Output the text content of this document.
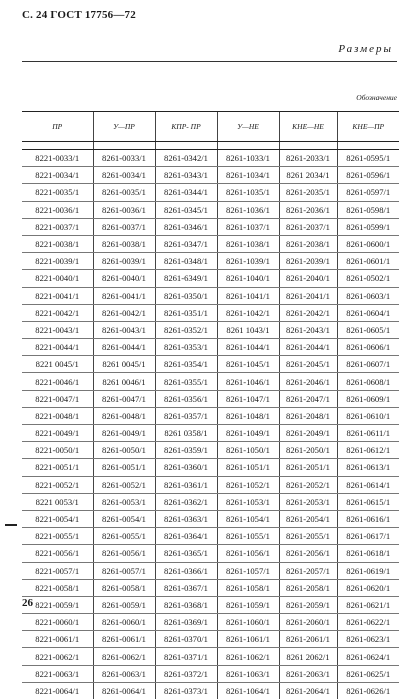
С. 24 ГОСТ 17756—72
Размеры
Обозначение
ПР	У—ПР	КПР- ПР	У—НЕ	КНЕ—НЕ	КНЕ—ПР

8221-0033/1	8261-0033/1	8261-0342/1	8261-1033/1	8261-2033/1	8261-0595/1
8221-0034/1	8261-0034/1	8261-0343/1	8261-1034/1	8261 2034/1	8261-0596/1
8221-0035/1	8261-0035/1	8261-0344/1	8261-1035/1	8261-2035/1	8261-0597/1
8221-0036/1	8261-0036/1	8261-0345/1	8261-1036/1	8261-2036/1	8261-0598/1
8221-0037/1	8261-0037/1	8261-0346/1	8261-1037/1	8261-2037/1	8261-0599/1
8221-0038/1	8261-0038/1	8261-0347/1	8261-1038/1	8261-2038/1	8261-0600/1
8221-0039/1	8261-0039/1	8261-0348/1	8261-1039/1	8261-2039/1	8261-0601/1
8221-0040/1	8261-0040/1	8261-6349/1	8261-1040/1	8261-2040/1	8261-0502/1
8221-0041/1	8261-0041/1	8261-0350/1	8261-1041/1	8261-2041/1	8261-0603/1
8221-0042/1	8261-0042/1	8261-0351/1	8261-1042/1	8261-2042/1	8261-0604/1
8221-0043/1	8261-0043/1	8261-0352/1	8261 1043/1	8261-2043/1	8261-0605/1
8221-0044/1	8261-0044/1	8261-0353/1	8261-1044/1	8261-2044/1	8261-0606/1
8221 0045/1	8261 0045/1	8261-0354/1	8261-1045/1	8261-2045/1	8261-0607/1
8221-0046/1	8261 0046/1	8261-0355/1	8261-1046/1	8261-2046/1	8261-0608/1
8221-0047/1	8261-0047/1	8261-0356/1	8261-1047/1	8261-2047/1	8261-0609/1
8221-0048/1	8261-0048/1	8261-0357/1	8261-1048/1	8261-2048/1	8261-0610/1
8221-0049/1	8261-0049/1	8261 0358/1	8261-1049/1	8261-2049/1	8261-0611/1
8221-0050/1	8261-0050/1	8261-0359/1	8261-1050/1	8261-2050/1	8261-0612/1
8221-0051/1	8261-0051/1	8261-0360/1	8261-1051/1	8261-2051/1	8261-0613/1
8221-0052/1	8261-0052/1	8261-0361/1	8261-1052/1	8261-2052/1	8261-0614/1
8221 0053/1	8261-0053/1	8261-0362/1	8261-1053/1	8261-2053/1	8261-0615/1
8221-0054/1	8261-0054/1	8261-0363/1	8261-1054/1	8261-2054/1	8261-0616/1
8221-0055/1	8261-0055/1	8261-0364/1	8261-1055/1	8261-2055/1	8261-0617/1
8221-0056/1	8261-0056/1	8261-0365/1	8261-1056/1	8261-2056/1	8261-0618/1
8221-0057/1	8261-0057/1	8261-0366/1	8261-1057/1	8261-2057/1	8261-0619/1
8221-0058/1	8261-0058/1	8261-0367/1	8261-1058/1	8261-2058/1	8261-0620/1
8221-0059/1	8261-0059/1	8261-0368/1	8261-1059/1	8261-2059/1	8261-0621/1
8221-0060/1	8261-0060/1	8261-0369/1	8261-1060/1	8261-2060/1	8261-0622/1
8221-0061/1	8261-0061/1	8261-0370/1	8261-1061/1	8261-2061/1	8261-0623/1
8221-0062/1	8261-0062/1	8261-0371/1	8261-1062/1	8261 2062/1	8261-0624/1
8221-0063/1	8261-0063/1	8261-0372/1	8261-1063/1	8261-2063/1	8261-0625/1
8221-0064/1	8261-0064/1	8261-0373/1	8261-1064/1	8261-2064/1	8261-0626/1
26
